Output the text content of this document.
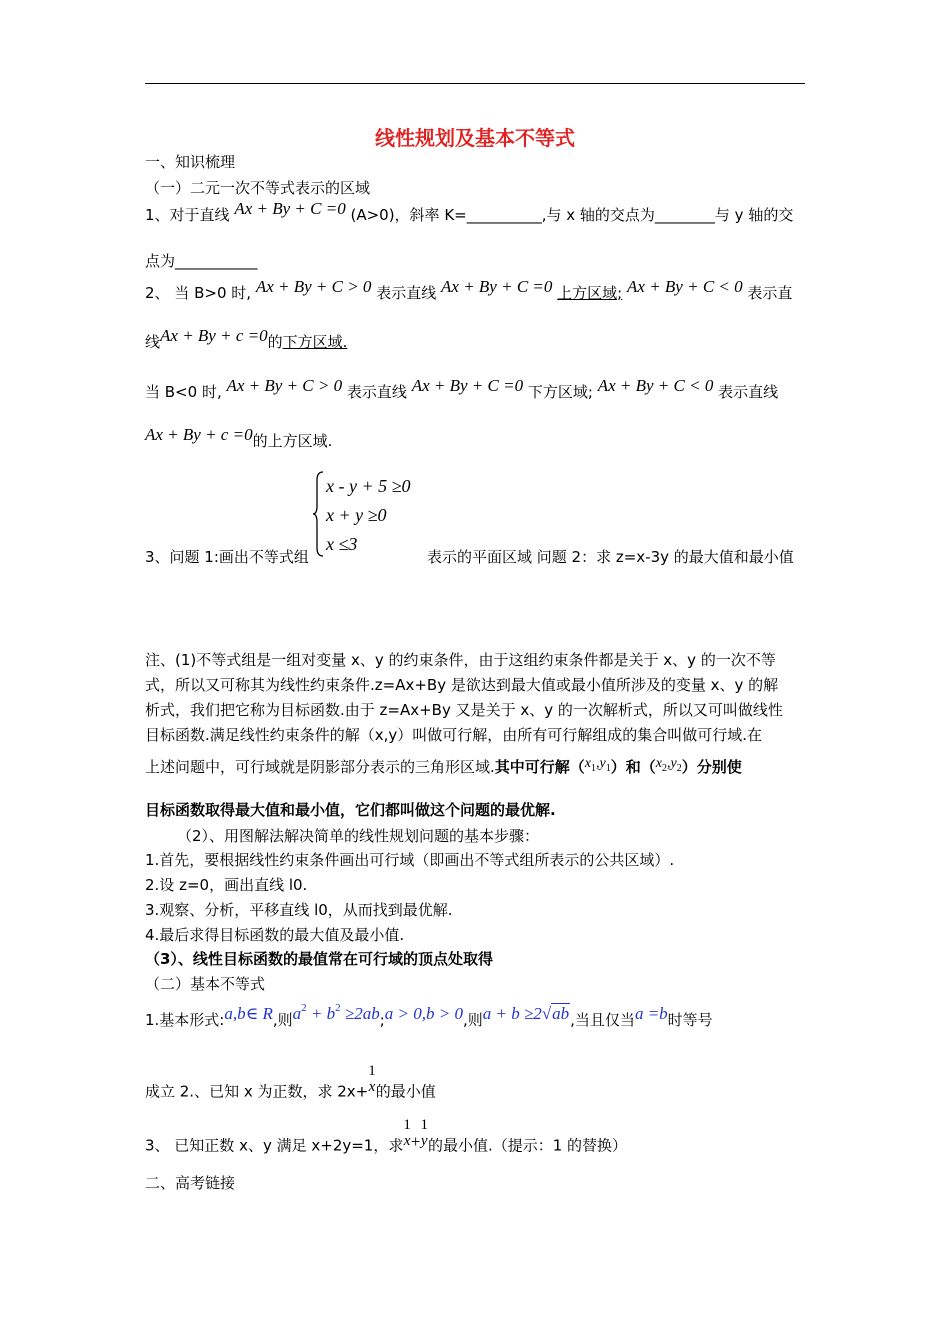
线性规划及基本不等式
一、知识梳理
（一）二元一次不等式表示的区域
1、对于直线 Ax + By + C =0 (A>0)，斜率 K=__________,与 x 轴的交点为________与 y 轴的交
点为___________
2、 当 B>0 时, Ax + By + C > 0 表示直线 Ax + By + C =0 上方区域; Ax + By + C < 0 表示直
线Ax + By + c =0的下方区域.
当 B<0 时, Ax + By + C > 0 表示直线 Ax + By + C =0 下方区域; Ax + By + C < 0 表示直线
Ax + By + c =0的上方区域.
x - y + 5 ≥0
x + y ≥0
x ≤3
3、问题 1:画出不等式组	表示的平面区域 问题 2：求 z=x-3y 的最大值和最小值
注、(1)不等式组是一组对变量 x、y 的约束条件，由于这组约束条件都是关于 x、y 的一次不等
式，所以又可称其为线性约束条件.z=Ax+By 是欲达到最大值或最小值所涉及的变量 x、y 的解
析式，我们把它称为目标函数.由于 z=Ax+By 又是关于 x、y 的一次解析式，所以又可叫做线性
目标函数.满足线性约束条件的解（x,y）叫做可行解，由所有可行解组成的集合叫做可行域.在
上述问题中，可行域就是阴影部分表示的三角形区域.其中可行解$(x_1,y_1)$和$(x_2,y_2)$分别使
目标函数取得最大值和最小值，它们都叫做这个问题的最优解.
（2）、用图解法解决简单的线性规划问题的基本步骤：
1.首先，要根据线性约束条件画出可行域（即画出不等式组所表示的公共区域）.
2.设 z=0，画出直线 l0.
3.观察、分析，平移直线 l0，从而找到最优解.
4.最后求得目标函数的最大值及最小值.
（3）、线性目标函数的最值常在可行域的顶点处取得
（二）基本不等式
1.基本形式:a,b∈ R,则$a^2 + b^2$ ≥2ab;a > 0,b > 0,则a + b ≥2√ab,当且仅当a =b时等号
成立 2.、已知 x 为正数，求 2x+
1
x 的最小值
3、 已知正数 x、y 满足 x+2y=1，求
1
x +
1
y 的最小值.（提示：1 的替换）
二、高考链接
